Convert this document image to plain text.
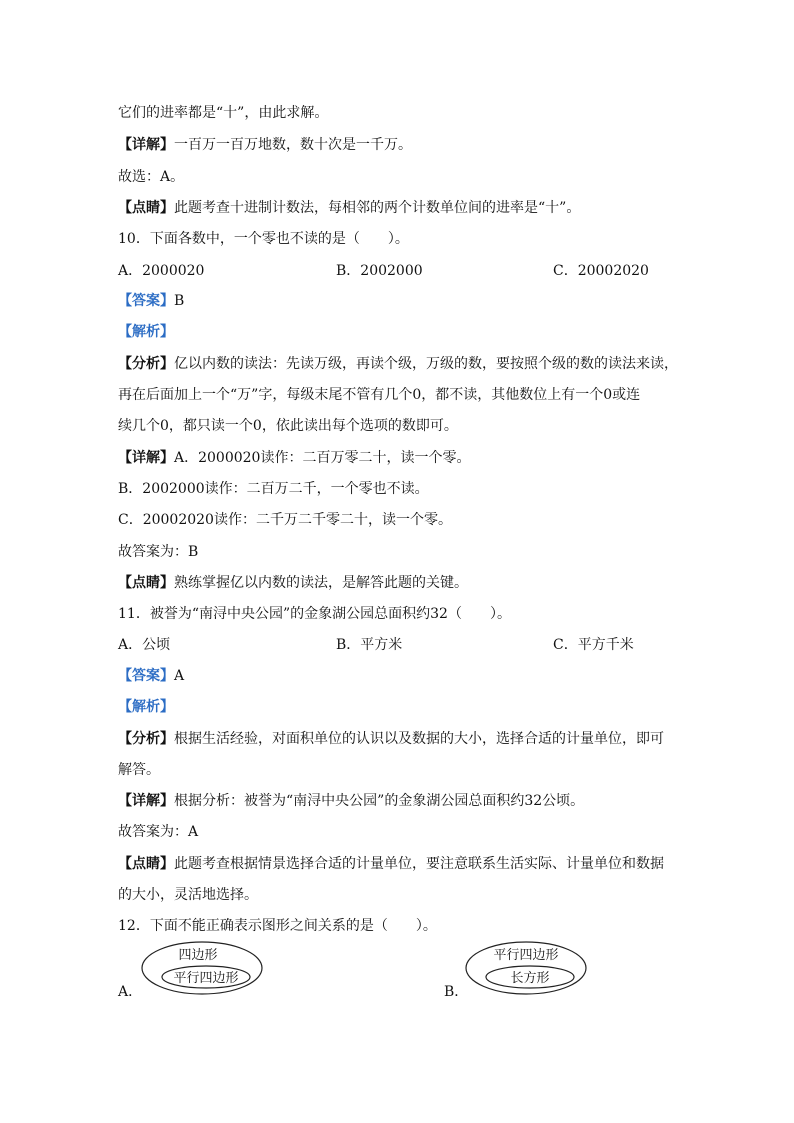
它们的进率都是“十”，由此求解。
【详解】一百万一百万地数，数十次是一千万。
故选：A。
【点睛】此题考查十进制计数法，每相邻的两个计数单位间的进率是“十”。
10．下面各数中，一个零也不读的是（　　）。
A．2000020	B．2002000	C．20002020
【答案】B
【解析】
【分析】亿以内数的读法：先读万级，再读个级，万级的数，要按照个级的数的读法来读，
再在后面加上一个“万”字，每级末尾不管有几个0，都不读，其他数位上有一个0或连
续几个0，都只读一个0，依此读出每个选项的数即可。
【详解】A．2000020读作：二百万零二十，读一个零。
B．2002000读作：二百万二千，一个零也不读。
C．20002020读作：二千万二千零二十，读一个零。
故答案为：B
【点睛】熟练掌握亿以内数的读法，是解答此题的关键。
11．被誉为“南浔中央公园”的金象湖公园总面积约32（　　）。
A．公顷	B．平方米	C．平方千米
【答案】A
【解析】
【分析】根据生活经验，对面积单位的认识以及数据的大小，选择合适的计量单位，即可
解答。
【详解】根据分析：被誉为“南浔中央公园”的金象湖公园总面积约32公顷。
故答案为：A
【点睛】此题考查根据情景选择合适的计量单位，要注意联系生活实际、计量单位和数据
的大小，灵活地选择。
12．下面不能正确表示图形之间关系的是（　　）。
A．
四边形
平行四边形
B．
平行四边形
长方形
